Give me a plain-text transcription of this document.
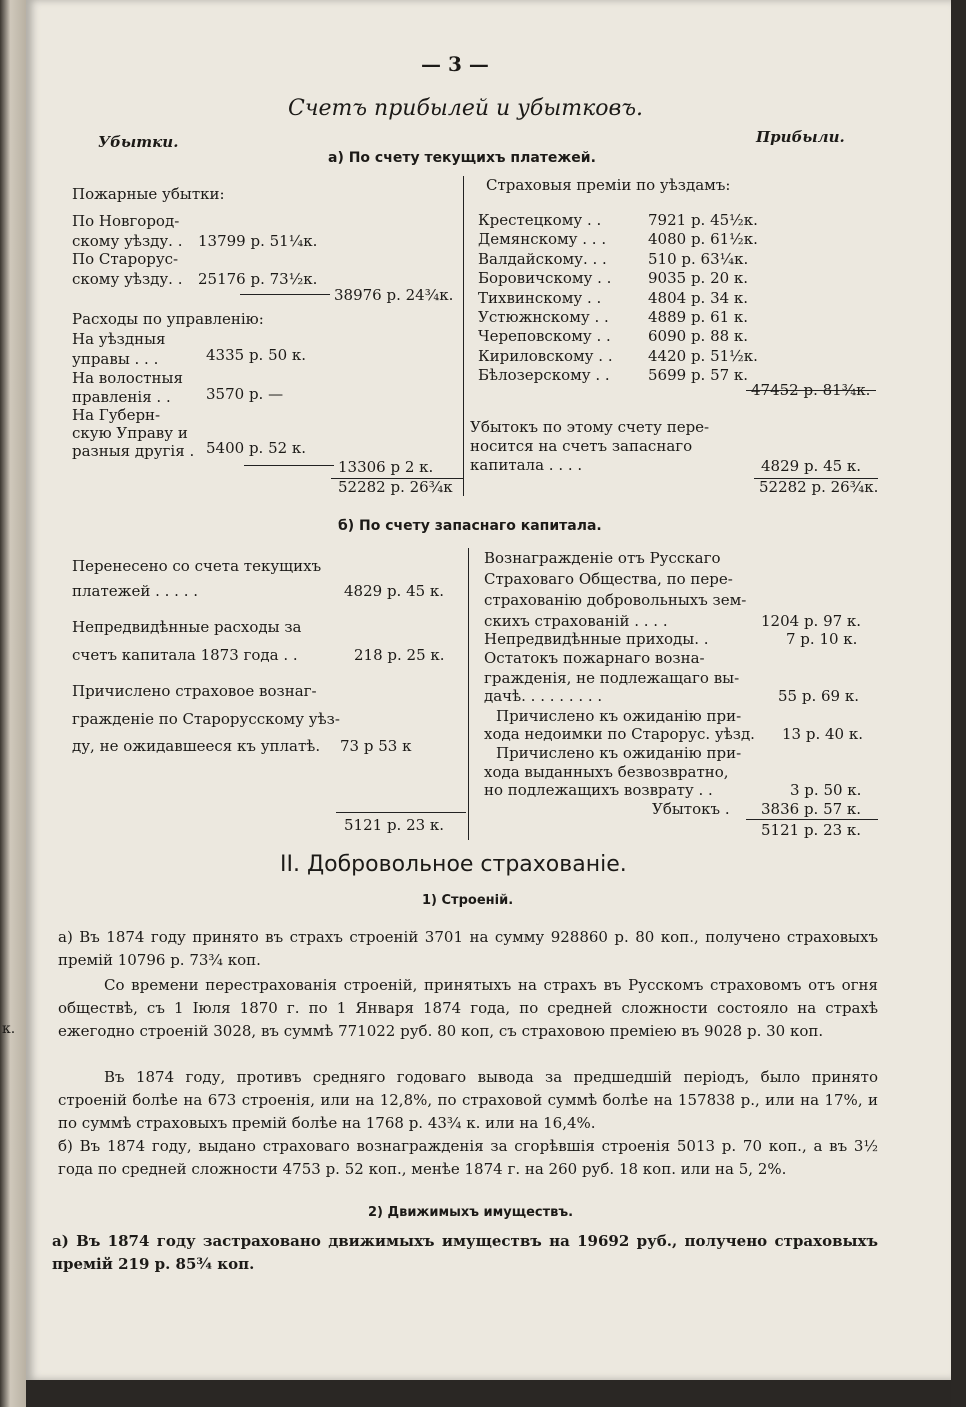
— 3 —
Счетъ прибылей и убытковъ.
Убытки.	Прибыли.
а) По счету текущихъ платежей.
Пожарные убытки:
По Новгород-
скому уѣзду. . 13799 р. 51¼к.
По Старорус-
скому уѣзду. . 25176 р. 73½к.
38976 р. 24¾к.
Расходы по управленію:
На уѣздныя
управы . . .	4335 р. 50 к.
На волостныя
правленія . . 3570 р. —
На Губерн-
скую Управу и
разныя другія . 5400 р. 52 к.
13306 р 2 к.
52282 р. 26¾к
Страховыя преміи по уѣздамъ:
Крестецкому . .	7921 р. 45½к.
Демянскому . . .	4080 р. 61½к.
Валдайскому. . .	510 р. 63¼к.
Боровичскому . . 9035 р. 20 к.
Тихвинскому . .	4804 р. 34 к.
Устюжнскому . .	4889 р. 61 к.
Череповскому . . 6090 р. 88 к.
Кириловскому . . 4420 р. 51½к.
Бѣлозерскому . .	5699 р. 57 к.
47452 р. 81¾к.
Убытокъ по этому счету пере-
носится на счетъ запаснаго
капитала . . . .	4829 р. 45 к.
52282 р. 26¾к.
б) По счету запаснаго капитала.
Перенесено со счета текущихъ
платежей . . . . .	4829 р. 45 к.
Непредвидѣнные расходы за
счетъ капитала 1873 года . .	218 р. 25 к.
Причислено страховое вознаг-
гражденіе по Старорусскому уѣз-
ду, не ожидавшееся къ уплатѣ. 73 р 53 к
5121 р. 23 к.
Вознагражденіе отъ Русскаго
Страховаго Общества, по пере-
страхованію добровольныхъ зем-
скихъ страхованій . . . .	1204 р. 97 к.
Непредвидѣнные приходы. .	7 р. 10 к.
Остатокъ пожарнаго возна-
гражденія, не подлежащаго вы-
дачѣ. . . . . . . . .	55 р. 69 к.
Причислено къ ожиданію при-
хода недоимки по Старорус. уѣзд. 13 р. 40 к.
Причислено къ ожиданію при-
хода выданныхъ безвозвратно,
но подлежащихъ возврату . .	3 р. 50 к.
Убытокъ . 3836 р. 57 к.
5121 р. 23 к.
II. Добровольное страхованіе.
1) Строеній.
а) Въ 1874 году принято въ страхъ строеній 3701 на сумму 928860 р. 80 коп., получено страховыхъ премій 10796 р. 73¾ коп.
Со времени перестрахованія строеній, принятыхъ на страхъ въ Русскомъ страховомъ отъ огня обществѣ, съ 1 Іюля 1870 г. по 1 Января 1874 года, по средней сложности состояло на страхѣ ежегодно строеній 3028, въ суммѣ 771022 руб. 80 коп, съ страховою преміею въ 9028 р. 30 коп.
Въ 1874 году, противъ средняго годоваго вывода за предшедшій періодъ, было принято строеній болѣе на 673 строенія, или на 12,8%, по страховой суммѣ болѣе на 157838 р., или на 17%, и по суммѣ страховыхъ премій болѣе на 1768 р. 43¾ к. или на 16,4%.
б) Въ 1874 году, выдано страховаго вознагражденія за сгорѣвшія строенія 5013 р. 70 коп., а въ 3½ года по средней сложности 4753 р. 52 коп., менѣе 1874 г. на 260 руб. 18 коп. или на 5, 2%.
2) Движимыхъ имуществъ.
а) Въ 1874 году застраховано движимыхъ имуществъ на 19692 руб., получено страховыхъ премій 219 р. 85¾ коп.
к.
